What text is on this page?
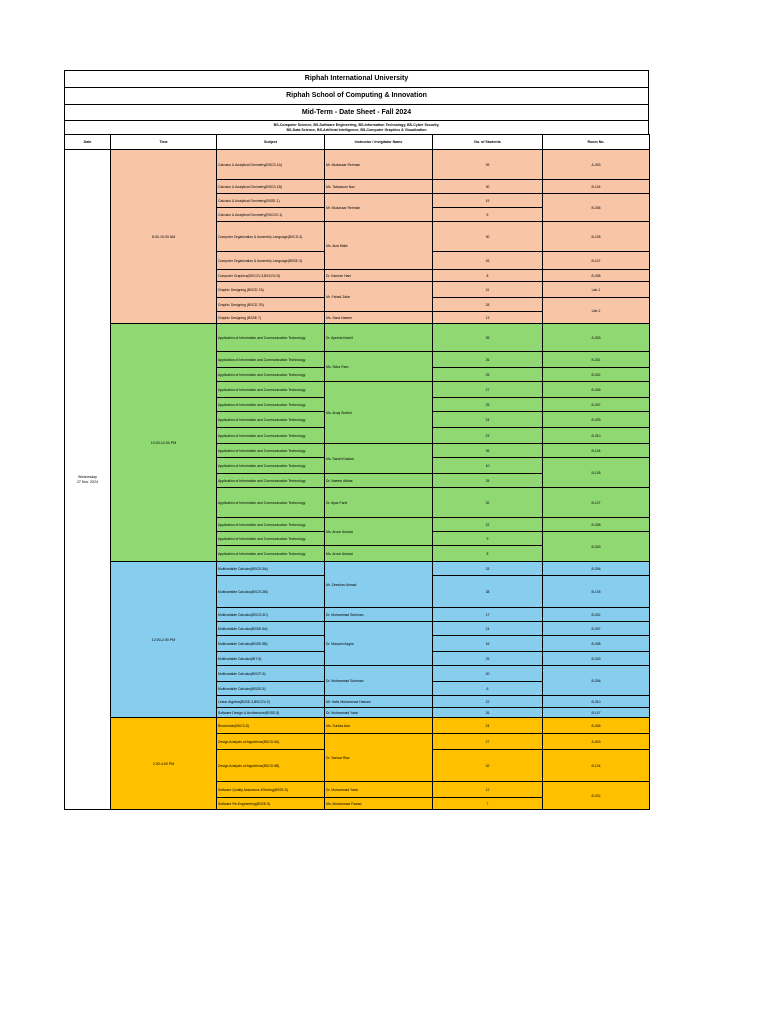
Riphah International University
Riphah School of Computing & Innovation
Mid-Term - Date Sheet - Fall 2024
BS-Computer Science, BS-Software Engineering, BS-Information Technology, BS-Cyber Security,
BS-Data Science, BS-Artificial Intelligence, BS-Computer Graphics & Visualization
Date	Time	Subject	Instructor / Invigilator Name	No. of Students	Room No.

Wednesday
27 Nov. 2024	8:30-10:00 AM	Calculus & Analytical Geometry(BSCS-1A)	Mr. Mudassar Rehman	39	A-303
		Calculus & Analytical Geometry(BSCS-1B)	Ms. Tabassum Naz	30	B-104
		Calculus & Analytical Geometry(BSSE-1)	Mr. Mudassar Rehman	19	B-306
		Calculus & Analytical Geometry(BSCGV-1)		5	
		Computer Organization & Assembly Language(BSCS-3)	Ms. Aiza Malik	30	B-105
		Computer Organization & Assembly Language(BSSE-3)		26	B-107
		Computer Graphics(BSCGV-3,BSCGV-5)	Dr. Kamran Hani	8	B-308
		Graphic Designing (BSCD-7A)	Mr. Fahad Zafar	31	Lab-1
		Graphic Designing (BSCD-7B)		28	Lab-2
		Graphic Designing (BSSE-7)	Ms. Sana Naeem	13	
	10:00-12:00 PM	Application of Information and Communication Technology	Dr. Ayesha Kashif	39	A-303
		Application of Information and Communication Technology	Ms. Sidra Ram	26	B-301
		Application of Information and Communication Technology		25	B-302
		Application of Information and Communication Technology	Ms. Aroaj Shahid	27	B-306
		Application of Information and Communication Technology		25	B-307
		Application of Information and Communication Technology		24	B-309
		Application of Information and Communication Technology		23	B-310
		Application of Information and Communication Technology	Ms. Sarah Khalam	35	B-104
		Application of Information and Communication Technology		10	B-105
		Application of Information and Communication Technology	Dr. Naeem Abbas	25	
		Application of Information and Communication Technology	Dr. Ayaz Farid	32	B-107
		Application of Information and Communication Technology	Ms. Aroon Arshad	22	B-308
		Application of Information and Communication Technology		9	B-303
		Application of Information and Communication Technology	Ms. Aroon Arshad	8	
	12:00-2:00 PM	Multivariable Calculus(BSCS-5A)	Mr. Zeeshan Ahmad	33	B-306
		Multivariable Calculus(BSCS-5B)		38	B-105
		Multivariable Calculus(BSCS-5C)	Dr. Muhammad Suleman	17	B-302
		Multivariable Calculus(BSSE-5A)	Dr. Maryam Asghe	24	B-307
		Multivariable Calculus(BSSE-5B)		16	B-308
		Multivariable Calculus(BIT-5)		25	B-303
		Multivariable Calculus(BSCP-5)	Dr. Muhammad Suleman	20	B-306
		Multivariable Calculus(BSDS-5)		6	
		Linear Algebra(BSSE-3,BSCGV-3)	Mr. Hafiz Muhammad Hassan	22	B-310
		Software Design & Architecture(BSSE-5)	Dr. Muhammad Yasin	26	B-107
	2:30-4:00 PM	Blockchain(BSCS-5)	Ms. Sunida Aziz	24	B-306
		Design Analysis of Algorithms(BSCD-5A)	Dr. Sarwar Riaz	27	A-503
		Design Analysis of Algorithms(BSCD-5B)		32	B-104
		Software Quality Assurance &Testing(BSSE-5)	Dr. Muhammad Yasin	12	B-302
		Software Re-Engineering(BSSE-5)	Ms. Muhammad Fawad	7	
